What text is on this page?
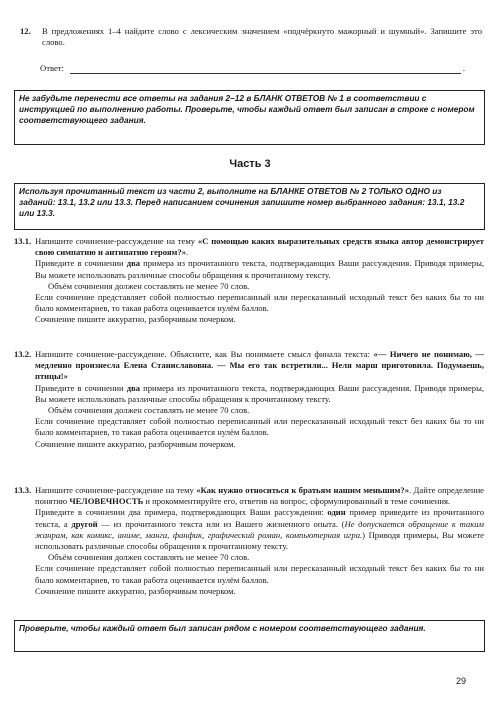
12. В предложениях 1–4 найдите слово с лексическим значением «подчёркнуто мажорный и шумный». Запишите это слово.
Ответ:	.
Не забудьте перенести все ответы на задания 2–12 в БЛАНК ОТВЕТОВ № 1 в соответствии с инструкцией по выполнению работы. Проверьте, чтобы каждый ответ был записан в строке с номером соответствующего задания.
Часть 3
Используя прочитанный текст из части 2, выполните на БЛАНКЕ ОТВЕТОВ № 2 ТОЛЬКО ОДНО из заданий: 13.1, 13.2 или 13.3. Перед написанием сочинения запишите номер выбранного задания: 13.1, 13.2 или 13.3.
13.1. Напишите сочинение-рассуждение на тему «С помощью каких выразительных средств языка автор демонстрирует свою симпатию и антипатию героям?».

Приведите в сочинении два примера из прочитанного текста, подтверждающих Ваши рассуждения. Приводя примеры, Вы можете использовать различные способы обращения к прочитанному тексту.

Объём сочинения должен составлять не менее 70 слов.

Если сочинение представляет собой полностью переписанный или пересказанный исходный текст без каких бы то ни было комментариев, то такая работа оценивается нулём баллов.

Сочинение пишите аккуратно, разборчивым почерком.

13.2. Напишите сочинение-рассуждение. Объясните, как Вы понимаете смысл финала текста: «— Ничего не понимаю, — медленно произнесла Елена Станиславовна. — Мы его так встретили... Неля марш приготовила. Подумаешь, птицы!»

Приведите в сочинении два примера из прочитанного текста, подтверждающих Ваши рассуждения. Приводя примеры, Вы можете использовать различные способы обращения к прочитанному тексту.

Объём сочинения должен составлять не менее 70 слов.

Если сочинение представляет собой полностью переписанный или пересказанный исходный текст без каких бы то ни было комментариев, то такая работа оценивается нулём баллов.

Сочинение пишите аккуратно, разборчивым почерком.

13.3. Напишите сочинение-рассуждение на тему «Как нужно относиться к братьям нашим меньшим?». Дайте определение понятию ЧЕЛОВЕЧНОСТЬ и прокомментируйте его, ответив на вопрос, сформулированный в теме сочинения.

Приведите в сочинении два примера, подтверждающих Ваши рассуждения: один пример приведите из прочитанного текста, а другой — из прочитанного текста или из Вашего жизненного опыта. (Не допускается обращение к таким жанрам, как комикс, аниме, манга, фанфик, графический роман, компьютерная игра.) Приводя примеры, Вы можете использовать различные способы обращения к прочитанному тексту.

Объём сочинения должен составлять не менее 70 слов.

Если сочинение представляет собой полностью переписанный или пересказанный исходный текст без каких бы то ни было комментариев, то такая работа оценивается нулём баллов.

Сочинение пишите аккуратно, разборчивым почерком.

Проверьте, чтобы каждый ответ был записан рядом с номером соответствующего задания.
29
